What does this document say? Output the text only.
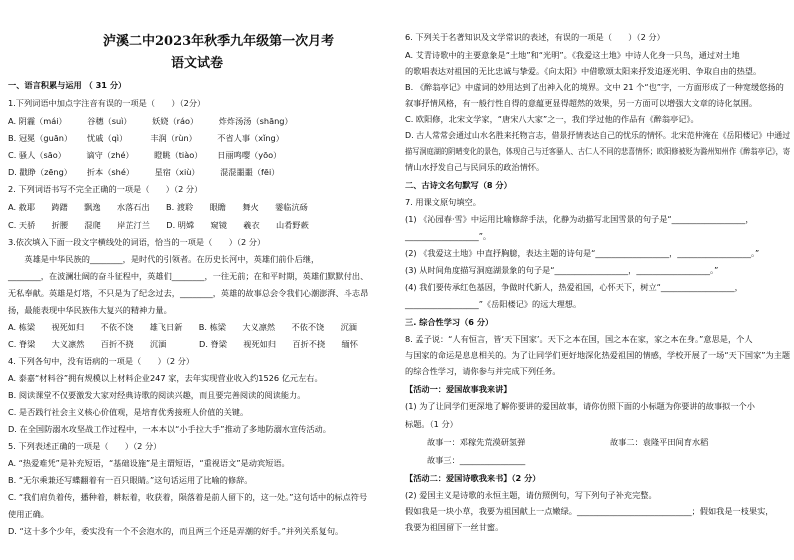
泸溪二中2023年秋季九年级第一次月考
语文试卷
一、语言积累与运用 （ 31 分）
1.下列词语中加点字注音有误的一项是（　　）（2分）
A. 阴霾（mái）　　　谷穗（suì）　　　妖娆（ráo）　　　炸炸汤汤（shāng）
B. 冠冕（guān）　　 忧戚（qì）　　　 丰润（rùn）　　　不省人事（xǐng）
C. 骚人（sāo）　　　谪守（zhé）　　　瞪眺（tiào）　　 日丽鸣嘤（yōo）
D. 戳睁（zēng）　　 折本（shé）　　　星宿（xiù）　　　混混噩噩（fēi）
2. 下列词语书写不完全正确的一项是（　　）（2 分）
A. 赦耶　　踌躇　　飘逸　　水落石出　　B. 渡聆　　眼瞻　　舞火　　霎临沆砀
C. 天骄　　折腰　　混爬　　岸芷汀兰　　D. 明嫦　　窥镜　　羲衣　　山肴野蔌
3.依次填入下面一段文字横线处的词语，恰当的一项是（　　）（2 分）
　　英雄是中华民族的________，是时代的引领者。在历史长河中，英雄们前仆后继，
________，在波澜壮阔的奋斗征程中，英雄们________，一往无前；在和平时期，英雄们默默付出、
无私奉献。英雄是灯塔，不只是为了纪念过去，________，英雄的故事总会令我们心潮澎湃、斗志昂
扬，最能表现中华民族伟大复兴的精神力量。
A. 栋梁　　视死如归　　不依不饶　　雄飞日新　　B. 栋梁　　大义凛然　　不依不饶　　沉湎
C. 脊梁　　大义凛然　　百折不挠　　沉湎　　　　D. 脊梁　　视死如归　　百折不挠　　缅怀
4. 下列各句中，没有语病的一项是（　　）（2 分）
A. 泰嘉“材料谷”拥有规模以上材料企业247 家，去年实现营业收入约1526 亿元左右。
B. 阅读课堂不仅要激发大家对经典诗歌的阅读兴趣，而且要完善阅读的阅读能力。
C. 是否践行社会主义核心价值观，是培育优秀接班人价值的关键。
D. 在全国防溺水攻坚战工作过程中，一本本以“小手拉大手”推动了多地防溺水宣传活动。
5. 下列表述正确的一项是（　　）（2 分）
A. “热爱难凭”是补充短语，“基础设施”是主谓短语，“重视语文”是动宾短语。
B. “无尔乘兼还写蝶翻着有一百只眼睛。”这句话运用了比喻的修辞。
C. “我们肩负着传，播种着，耕耘着，收获着，陨落着是前人留下的，这一处。”这句话中的标点符号
使用正确。
D. “这十多个少年，委实没有一个不会泡水的，而且两三个还是弄潮的好手。”并列关系复句。
6. 下列关于名著知识及文学常识的表述，有误的一项是（　　）（2 分）
A. 艾青诗歌中的主要意象是“土地”和“光明”。《我爱这土地》中诗人化身一只鸟，通过对土地
的歌唱表达对祖国的无比忠诚与挚爱。《向太阳》中借歌颂太阳来抒发追逐光明、争取自由的热望。
B. 《醉翁亭记》中虚词的妙用达到了出神入化的境界。文中 21 个“也”字，一方面形成了一种宽缓悠扬的
叙事抒情风格，有一般行性自得的意蕴更显得超然的效果，另一方面可以增强大文章的诗化氛围。
C. 欧阳修，北宋文学家，“唐宋八大家”之一，我们学过他的作品有《醉翁亭记》。
D. 古人常常会通过山水名胜来托物言志，借景抒情表达自己的忧乐的情怀。北宋范仲淹在《岳阳楼记》中通过
描写洞庭湖的阴晴变化的景色，体现自己与迁客骚人、古仁人不同的悲喜情怀；欧阳修被贬为滁州知州作《醉翁亭记》，寄
情山水抒发自己与民同乐的政治情怀。
二、古诗文名句默写（8 分）
7. 用课文原句填空。
(1) 《沁园春·雪》中运用比喻修辞手法，化静为动描写北国雪景的句子是“__________________，
__________________”。
(2) 《我爱这土地》中直抒胸臆，表达主题的诗句是“__________________，__________________。”
(3) 从时间角度描写洞庭湖景象的句子是“__________________，__________________。”
(4) 我们要传承红色基因，争做时代新人，热爱祖国，心怀天下，树立“__________________，
__________________”《岳阳楼记》的远大理想。
三. 综合性学习（6 分）
8. 孟子说：“人有恒言，皆‘天下国家’。天下之本在国，国之本在家，家之本在身。”意思是，个人
与国家的命运是息息相关的。为了让同学们更好地深化热爱祖国的情感，学校开展了一场“天下国家”为主题
的综合性学习，请你参与并完成下列任务。
【活动一：爱国故事我来讲】
(1) 为了让同学们更深地了解你要讲的爱国故事，请你仿照下面的小标题为你要讲的故事拟一个小
标题。（1 分）
故事一：邓稼先荒漠研氢弹	故事二：袁隆平田间育水稻
故事三：________________
【活动二：爱国诗歌我来书】（2 分）
(2) 爱国主义是诗歌的永恒主题，请仿照例句，写下列句子补充完整。
假如我是一块小草，我要为祖国献上一点嫩绿。____________________________；假如我是一枝果实，
我要为祖国留下一丝甘蜜。
